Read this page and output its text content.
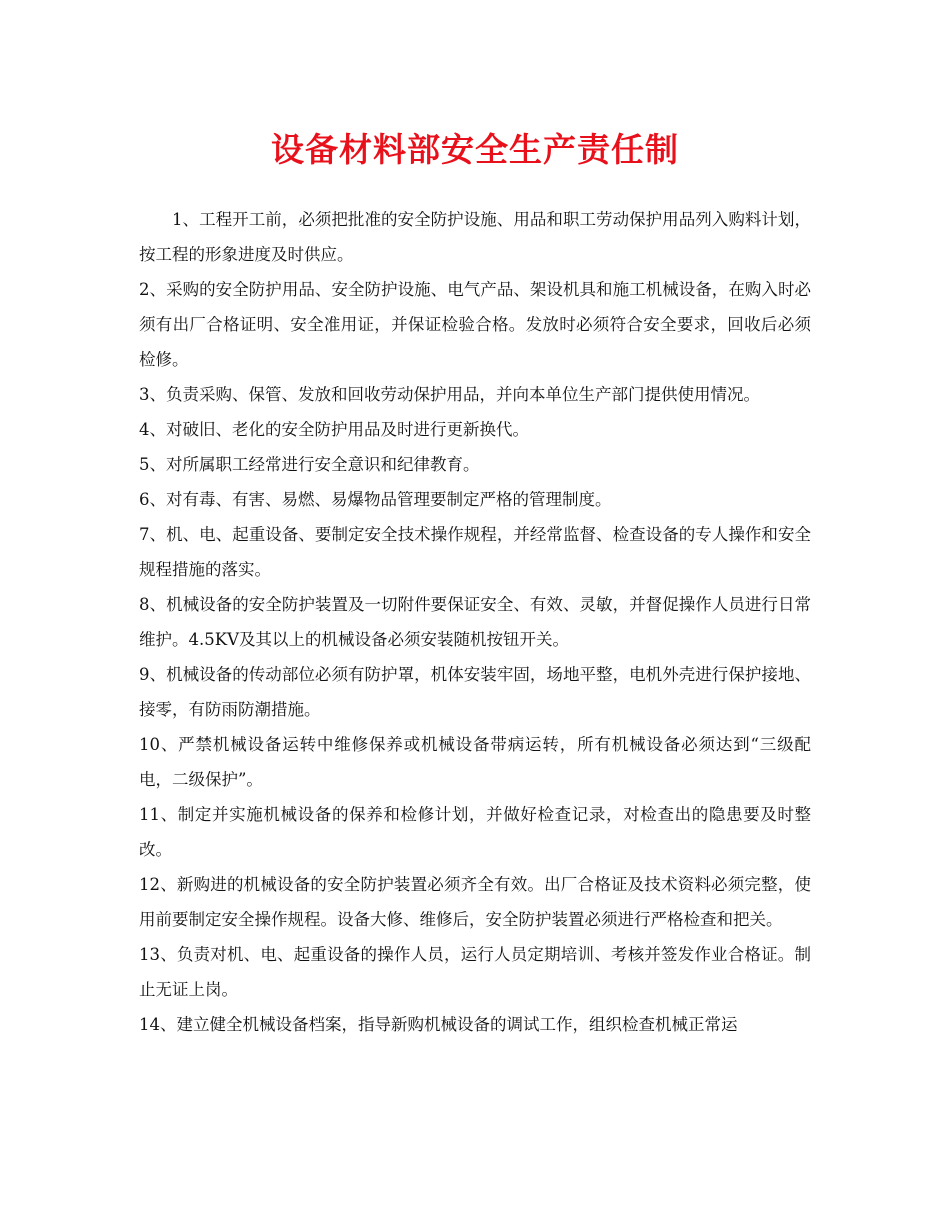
设备材料部安全生产责任制

1、工程开工前，必须把批准的安全防护设施、用品和职工劳动保护用品列入购料计划，按工程的形象进度及时供应。

2、采购的安全防护用品、安全防护设施、电气产品、架设机具和施工机械设备，在购入时必须有出厂合格证明、安全准用证，并保证检验合格。发放时必须符合安全要求，回收后必须检修。

3、负责采购、保管、发放和回收劳动保护用品，并向本单位生产部门提供使用情况。

4、对破旧、老化的安全防护用品及时进行更新换代。

5、对所属职工经常进行安全意识和纪律教育。

6、对有毒、有害、易燃、易爆物品管理要制定严格的管理制度。

7、机、电、起重设备、要制定安全技术操作规程，并经常监督、检查设备的专人操作和安全规程措施的落实。

8、机械设备的安全防护装置及一切附件要保证安全、有效、灵敏，并督促操作人员进行日常维护。4.5KV及其以上的机械设备必须安装随机按钮开关。

9、机械设备的传动部位必须有防护罩，机体安装牢固，场地平整，电机外壳进行保护接地、接零，有防雨防潮措施。

10、严禁机械设备运转中维修保养或机械设备带病运转，所有机械设备必须达到“三级配电，二级保护”。

11、制定并实施机械设备的保养和检修计划，并做好检查记录，对检查出的隐患要及时整改。

12、新购进的机械设备的安全防护装置必须齐全有效。出厂合格证及技术资料必须完整，使用前要制定安全操作规程。设备大修、维修后，安全防护装置必须进行严格检查和把关。

13、负责对机、电、起重设备的操作人员，运行人员定期培训、考核并签发作业合格证。制止无证上岗。

14、建立健全机械设备档案，指导新购机械设备的调试工作，组织检查机械正常运
